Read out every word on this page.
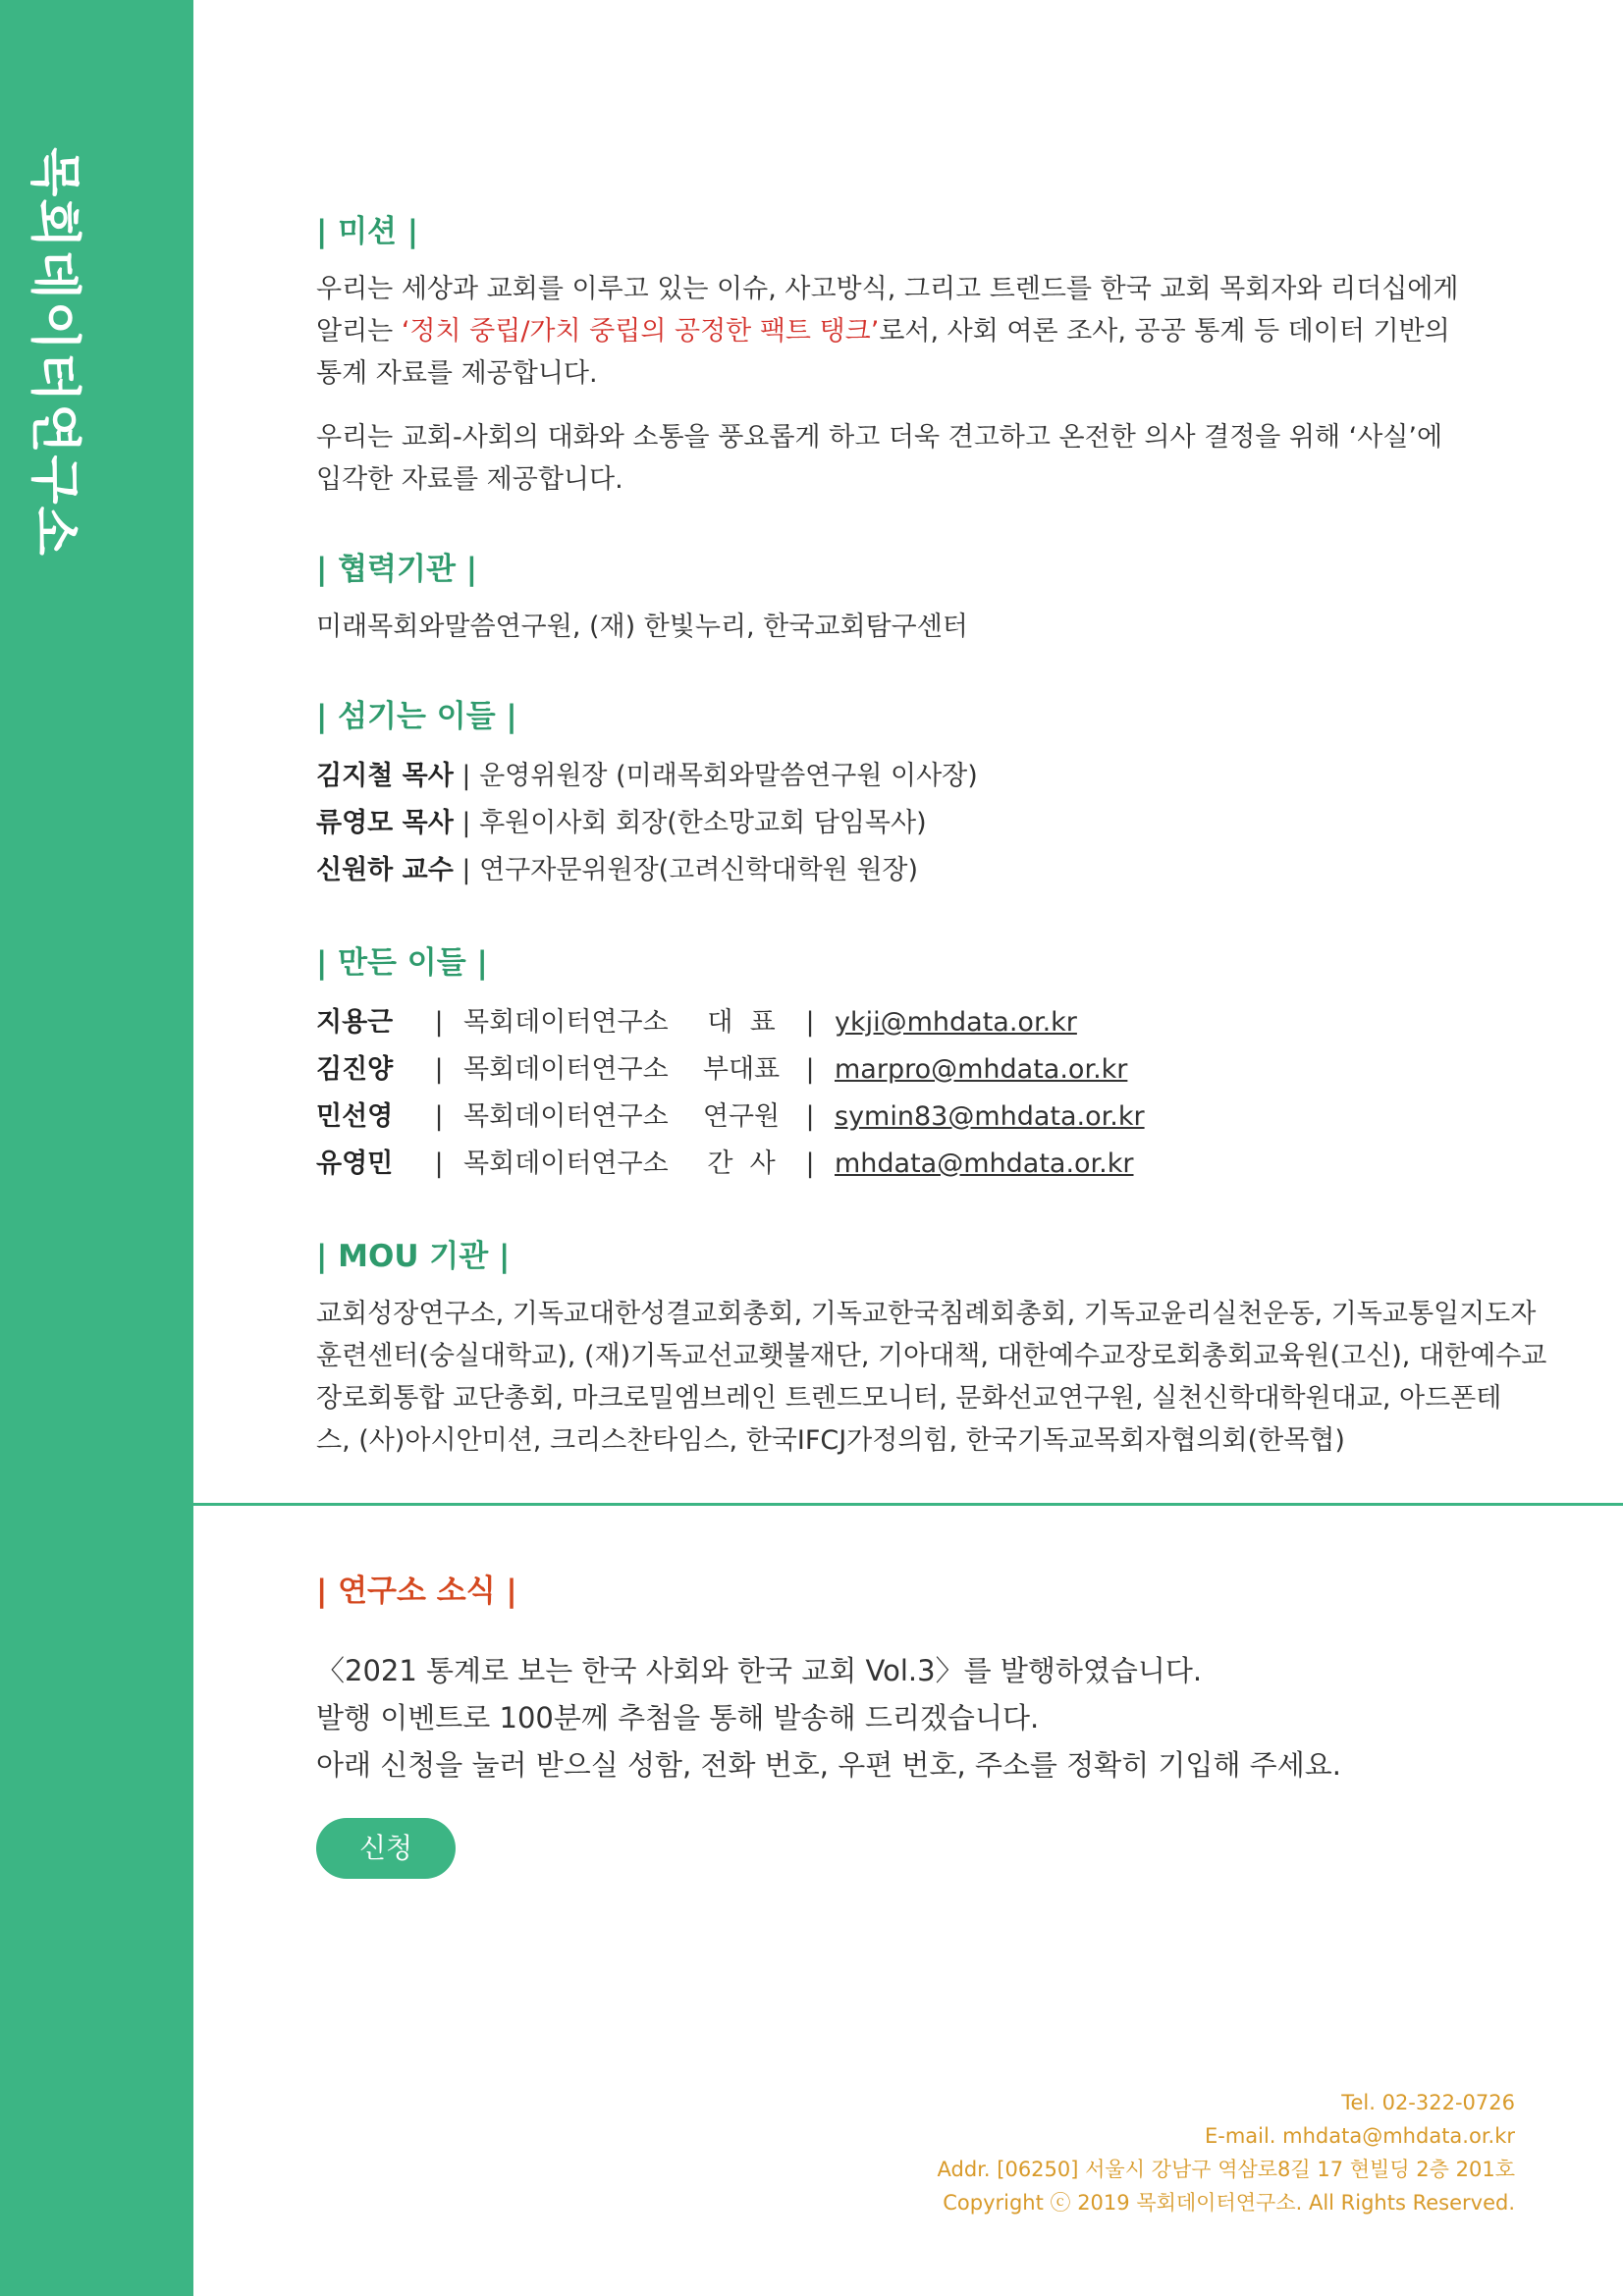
목회데이터연구소	| 미션 |
우리는 세상과 교회를 이루고 있는 이슈, 사고방식, 그리고 트렌드를 한국 교회 목회자와 리더십에게
알리는 ‘정치 중립/가치 중립의 공정한 팩트 탱크’로서, 사회 여론 조사, 공공 통계 등 데이터 기반의
통계 자료를 제공합니다.
우리는 교회-사회의 대화와 소통을 풍요롭게 하고 더욱 견고하고 온전한 의사 결정을 위해 ‘사실’에
입각한 자료를 제공합니다.
| 협력기관 |
미래목회와말씀연구원, (재) 한빛누리, 한국교회탐구센터
| 섬기는 이들 |
김지철 목사 | 운영위원장 (미래목회와말씀연구원 이사장)
류영모 목사 | 후원이사회 회장(한소망교회 담임목사)
신원하 교수 | 연구자문위원장(고려신학대학원 원장)
| 만든 이들 |
지용근 | 목회데이터연구소 대  표 | ykji@mhdata.or.kr
김진양 | 목회데이터연구소 부대표 | marpro@mhdata.or.kr
민선영 | 목회데이터연구소 연구원 | symin83@mhdata.or.kr
유영민 | 목회데이터연구소 간  사 | mhdata@mhdata.or.kr
| MOU 기관 |
교회성장연구소, 기독교대한성결교회총회, 기독교한국침례회총회, 기독교윤리실천운동, 기독교통일지도자
훈련센터(숭실대학교), (재)기독교선교횃불재단, 기아대책, 대한예수교장로회총회교육원(고신), 대한예수교
장로회통합 교단총회, 마크로밀엠브레인 트렌드모니터, 문화선교연구원, 실천신학대학원대교, 아드폰테
스, (사)아시안미션, 크리스찬타임스, 한국IFCJ가정의힘, 한국기독교목회자협의회(한목협)
| 연구소 소식 |
〈2021 통계로 보는 한국 사회와 한국 교회 Vol.3〉를 발행하였습니다.
발행 이벤트로 100분께 추첨을 통해 발송해 드리겠습니다.
아래 신청을 눌러 받으실 성함, 전화 번호, 우편 번호, 주소를 정확히 기입해 주세요.
신청
Tel. 02-322-0726
E-mail. mhdata@mhdata.or.kr
Addr. [06250] 서울시 강남구 역삼로8길 17 현빌딩 2층 201호
Copyright ⓒ 2019 목회데이터연구소. All Rights Reserved.
